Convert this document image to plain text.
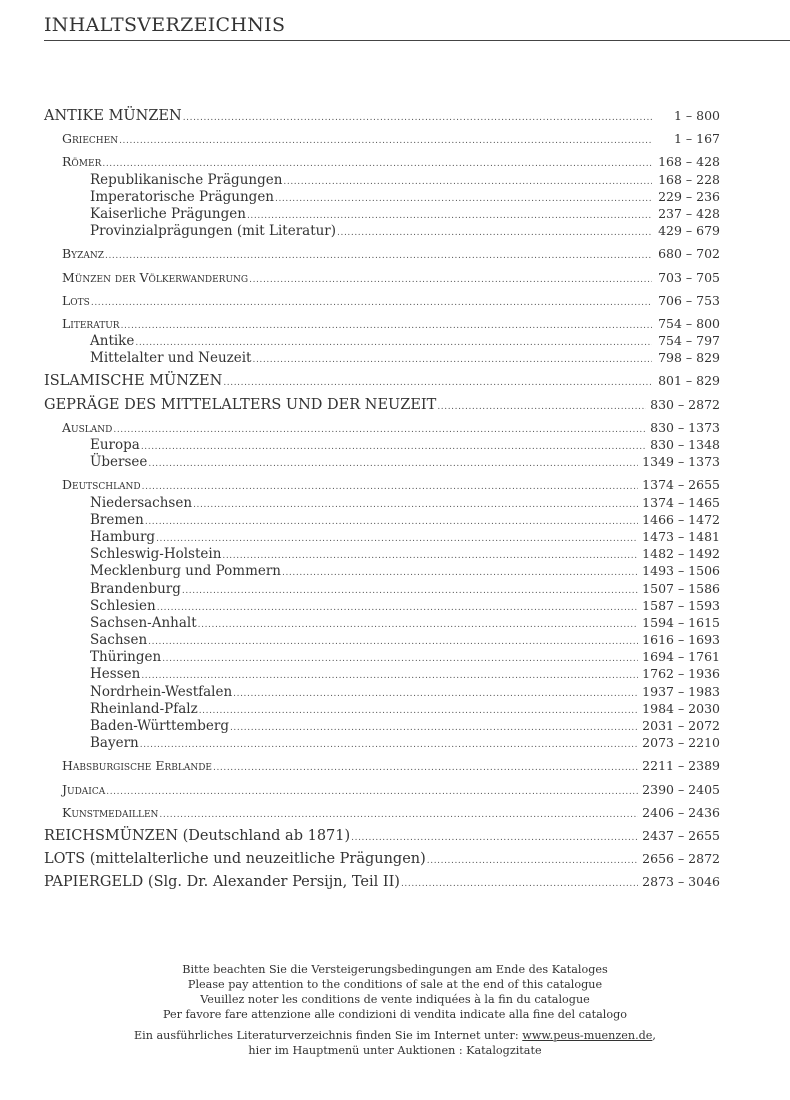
INHALTSVERZEICHNIS
ANTIKE MÜNZEN .....	1 – 800
Griechen .....	1 – 167
Römer .....	168 – 428
Republikanische Prägungen .....	168 – 228
Imperatorische Prägungen .....	229 – 236
Kaiserliche Prägungen .....	237 – 428
Provinzialprägungen (mit Literatur) .....	429 – 679
Byzanz .....	680 – 702
Münzen der Völkerwanderung .....	703 – 705
Lots .....	706 – 753
Literatur .....	754 – 800
Antike .....	754 – 797
Mittelalter und Neuzeit .....	798 – 829
ISLAMISCHE MÜNZEN .....	801 – 829
GEPRÄGE DES MITTELALTERS UND DER NEUZEIT .....	830 – 2872
Ausland .....	830 – 1373
Europa .....	830 – 1348
Übersee .....	1349 – 1373
Deutschland .....	1374 – 2655
Niedersachsen .....	1374 – 1465
Bremen .....	1466 – 1472
Hamburg .....	1473 – 1481
Schleswig-Holstein .....	1482 – 1492
Mecklenburg und Pommern .....	1493 – 1506
Brandenburg .....	1507 – 1586
Schlesien .....	1587 – 1593
Sachsen-Anhalt .....	1594 – 1615
Sachsen .....	1616 – 1693
Thüringen .....	1694 – 1761
Hessen .....	1762 – 1936
Nordrhein-Westfalen .....	1937 – 1983
Rheinland-Pfalz .....	1984 – 2030
Baden-Württemberg .....	2031 – 2072
Bayern .....	2073 – 2210
Habsburgische Erblande .....	2211 – 2389
Judaica .....	2390 – 2405
Kunstmedaillen .....	2406 – 2436
REICHSMÜNZEN (Deutschland ab 1871) .....	2437 – 2655
LOTS (mittelalterliche und neuzeitliche Prägungen) .....	2656 – 2872
PAPIERGELD (Slg. Dr. Alexander Persijn, Teil II) .....	2873 – 3046

Bitte beachten Sie die Versteigerungsbedingungen am Ende des Kataloges

Please pay attention to the conditions of sale at the end of this catalogue

Veuillez noter les conditions de vente indiquées à la fin du catalogue

Per favore fare attenzione alle condizioni di vendita indicate alla fine del catalogo

Ein ausführliches Literaturverzeichnis finden Sie im Internet unter: www.peus-muenzen.de,

hier im Hauptmenü unter Auktionen : Katalogzitate
